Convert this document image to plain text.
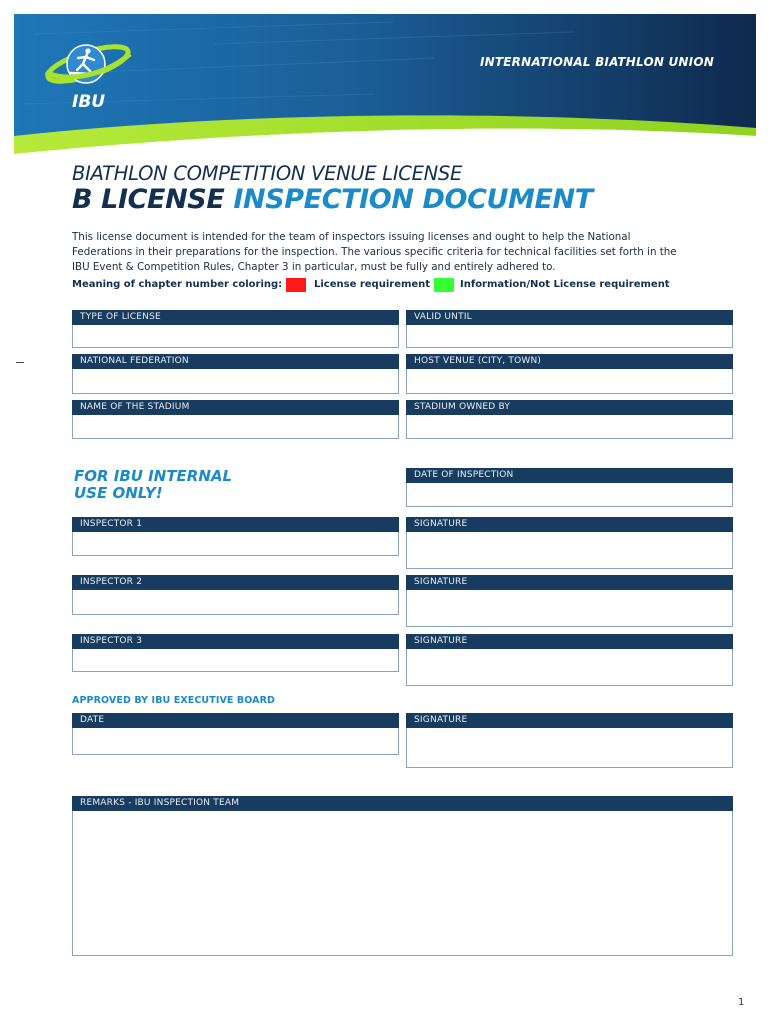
IBU
INTERNATIONAL BIATHLON UNION
BIATHLON COMPETITION VENUE LICENSE
B LICENSE INSPECTION DOCUMENT
This license document is intended for the team of inspectors issuing licenses and ought to help the National
Federations in their preparations for the inspection. The various specific criteria for technical facilities set forth in the
IBU Event & Competition Rules, Chapter 3 in particular, must be fully and entirely adhered to.
Meaning of chapter number coloring:	License requirement	Information/Not License requirement
TYPE OF LICENSE	VALID UNTIL
NATIONAL FEDERATION	HOST VENUE (CITY, TOWN)
NAME OF THE STADIUM	STADIUM OWNED BY
FOR IBU INTERNAL
USE ONLY!
DATE OF INSPECTION
INSPECTOR 1	SIGNATURE
INSPECTOR 2	SIGNATURE
INSPECTOR 3	SIGNATURE
APPROVED BY IBU EXECUTIVE BOARD
DATE	SIGNATURE
REMARKS - IBU INSPECTION TEAM
1
